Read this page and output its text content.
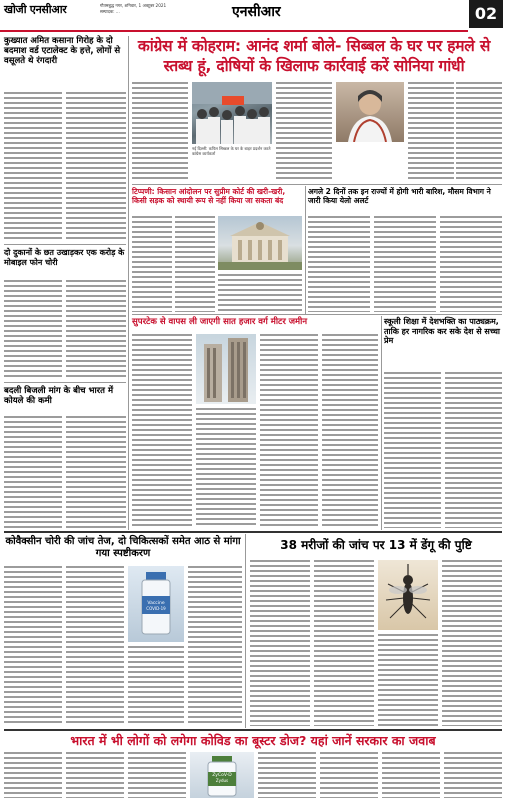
खोजी एनसीआर	गौतमबुद्ध नगर, शनिवार, 1 अक्टूबर 2021
सम्पादक: ...	एनसीआर	02
कांग्रेस में कोहराम: आनंद शर्मा बोले- सिब्बल के घर पर हमले से स्तब्ध हूं, दोषियों के खिलाफ कार्रवाई करें सोनिया गांधी
कुख्यात अमित कसाना गिरोह के दो बदमाश वर्ड एटालेक्ट के हत्ते, लोगों से वसूलते थे रंगदारी
दो दुकानों के छत उखाड़कर एक करोड़ के मोबाइल फोन चोरी
बदली बिजली मांग के बीच भारत में कोयले की कमी
नई दिल्ली: कपिल सिब्बल के घर के बाहर प्रदर्शन करते कांग्रेस कार्यकर्ता
टिप्पणी: किसान आंदोलन पर सुप्रीम कोर्ट की खरी-खरी, किसी सड़क को स्थायी रूप से नहीं किया जा सकता बंद
अगले 2 दिनों तक इन राज्यों में होगी भारी बारिश, मौसम विभाग ने जारी किया येलो अलर्ट
सुपरटेक से वापस ली जाएगी सात हजार वर्ग मीटर जमीन	स्कूली शिक्षा में देशभक्ति का पाठ्यक्रम, ताकि हर नागरिक कर सके देश से सच्चा प्रेम
कोवैक्सीन चोरी की जांच तेज, दो चिकित्सकों समेत आठ से मांगा गया स्पष्टीकरण
Vaccine
COVID-19
38 मरीजों की जांच पर 13 में डेंगू की पुष्टि
भारत में भी लोगों को लगेगा कोविड का बूस्टर डोज? यहां जानें सरकार का जवाब
ZyCoV-D
Zydus
